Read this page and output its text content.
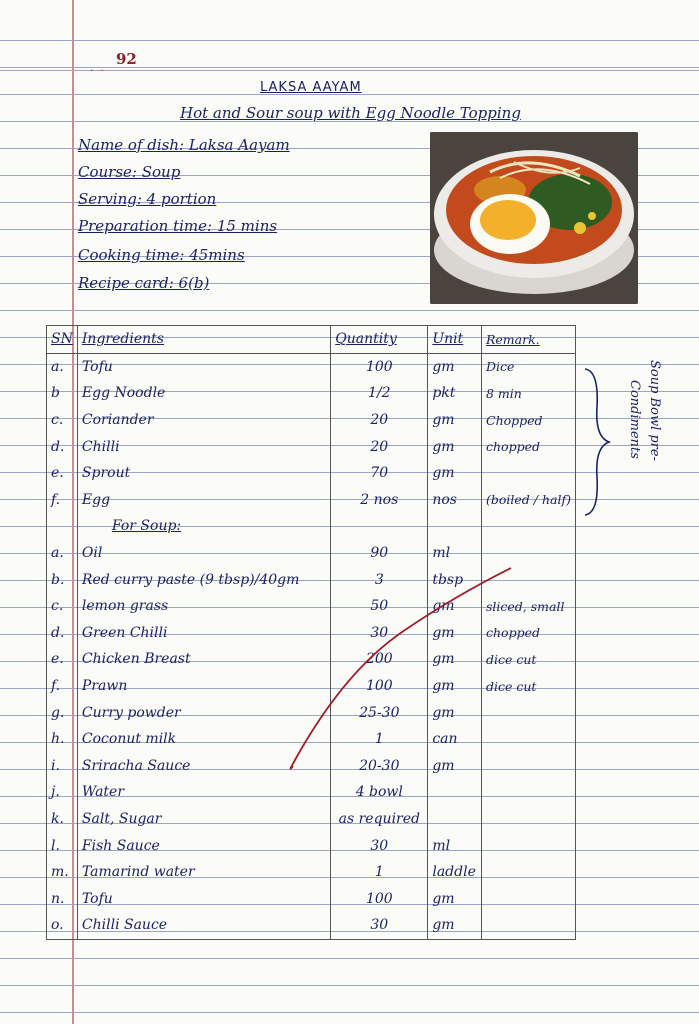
92
· ·
LAKSA AAYAM
Hot and Sour soup with Egg Noodle Topping
Name of dish: Laksa Aayam
Course: Soup
Serving: 4 portion
Preparation time: 15 mins
Cooking time: 45mins
Recipe card: 6(b)
SN	Ingredients	Quantity	Unit	Remark.
a.	Tofu	100	gm	Dice
b	Egg Noodle	1/2	pkt	8 min
c.	Coriander	20	gm	Chopped
d.	Chilli	20	gm	chopped
e.	Sprout	70	gm	
f.	Egg	2 nos	nos	(boiled / half)
	For Soup:			
a.	Oil	90	ml	
b.	Red curry paste (9 tbsp)/40gm	3	tbsp	
c.	lemon grass	50	gm	sliced, small
d.	Green Chilli	30	gm	chopped
e.	Chicken Breast	200	gm	dice cut
f.	Prawn	100	gm	dice cut
g.	Curry powder	25-30	gm	
h.	Coconut milk	1	can	
i.	Sriracha Sauce	20-30	gm	
j.	Water	4 bowl		
k.	Salt, Sugar	as required		
l.	Fish Sauce	30	ml	
m.	Tamarind water	1	laddle	
n.	Tofu	100	gm	
o.	Chilli Sauce	30	gm	
Soup Bowl pre-
Condiments
